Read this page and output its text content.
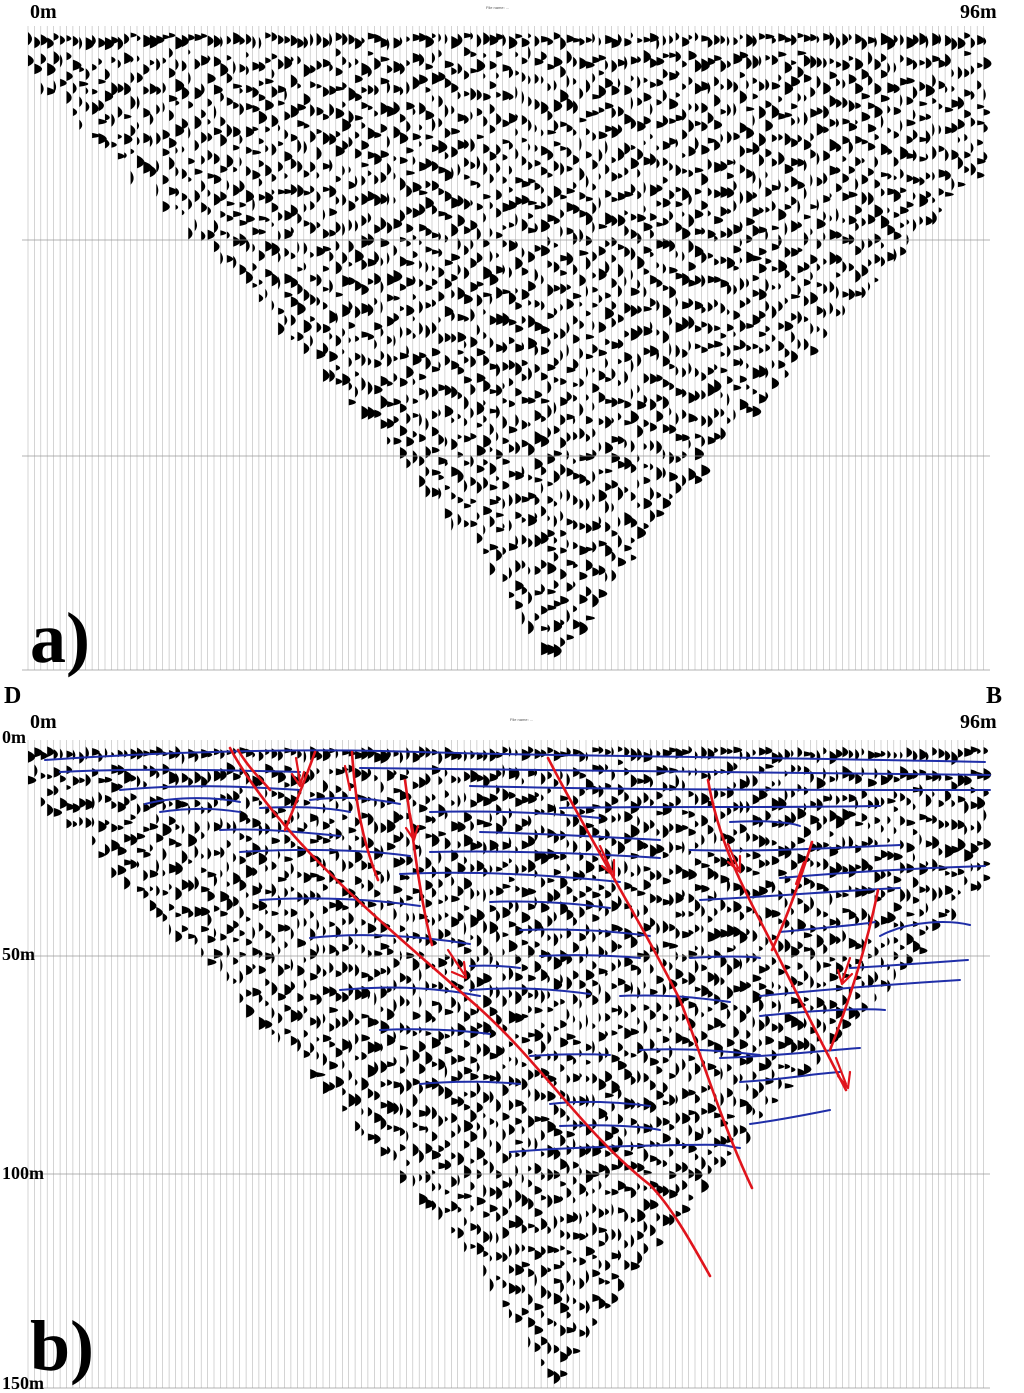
0m	96m
File name: ...
a)
D	B
0m	96m
File name: ...
0m
50m
100m
150m
b)
